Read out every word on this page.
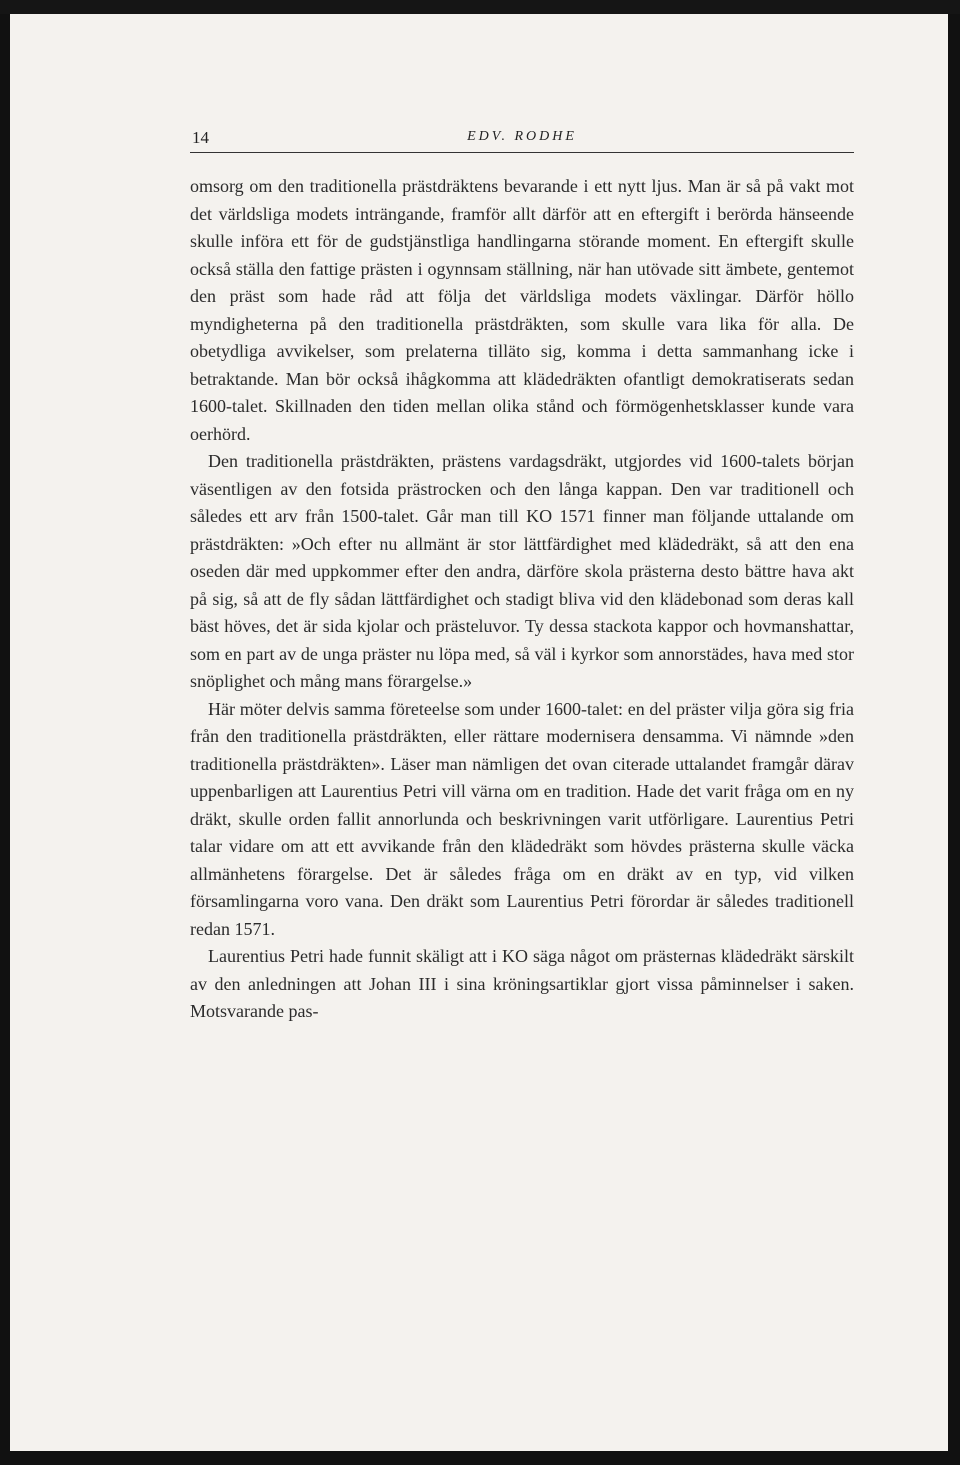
14	EDV. RODHE

omsorg om den traditionella prästdräktens bevarande i ett nytt ljus. Man är så på vakt mot det världsliga modets inträngande, framför allt därför att en eftergift i berörda hänseende skulle införa ett för de gudstjänstliga handlingarna störande moment. En eftergift skulle också ställa den fattige prästen i ogynnsam ställning, när han utövade sitt ämbete, gentemot den präst som hade råd att följa det världsliga modets växlingar. Därför höllo myndigheterna på den traditionella prästdräkten, som skulle vara lika för alla. De obetydliga avvikelser, som prelaterna tilläto sig, komma i detta sammanhang icke i betraktande. Man bör också ihågkomma att klädedräkten ofantligt demokratiserats sedan 1600-talet. Skillnaden den tiden mellan olika stånd och förmögenhetsklasser kunde vara oerhörd.

Den traditionella prästdräkten, prästens vardagsdräkt, utgjordes vid 1600-talets början väsentligen av den fotsida prästrocken och den långa kappan. Den var traditionell och således ett arv från 1500-talet. Går man till KO 1571 finner man följande uttalande om prästdräkten: »Och efter nu allmänt är stor lättfärdighet med klädedräkt, så att den ena oseden där med uppkommer efter den andra, därföre skola prästerna desto bättre hava akt på sig, så att de fly sådan lättfärdighet och stadigt bliva vid den klädebonad som deras kall bäst höves, det är sida kjolar och prästeluvor. Ty dessa stackota kappor och hovmanshattar, som en part av de unga präster nu löpa med, så väl i kyrkor som annorstädes, hava med stor snöplighet och mång mans förargelse.»

Här möter delvis samma företeelse som under 1600-talet: en del präster vilja göra sig fria från den traditionella prästdräkten, eller rättare modernisera densamma. Vi nämnde »den traditionella prästdräkten». Läser man nämligen det ovan citerade uttalandet framgår därav uppenbarligen att Laurentius Petri vill värna om en tradition. Hade det varit fråga om en ny dräkt, skulle orden fallit annorlunda och beskrivningen varit utförligare. Laurentius Petri talar vidare om att ett avvikande från den klädedräkt som hövdes prästerna skulle väcka allmänhetens förargelse. Det är således fråga om en dräkt av en typ, vid vilken församlingarna voro vana. Den dräkt som Laurentius Petri förordar är således traditionell redan 1571.

Laurentius Petri hade funnit skäligt att i KO säga något om prästernas klädedräkt särskilt av den anledningen att Johan III i sina kröningsartiklar gjort vissa påminnelser i saken. Motsvarande pas-
